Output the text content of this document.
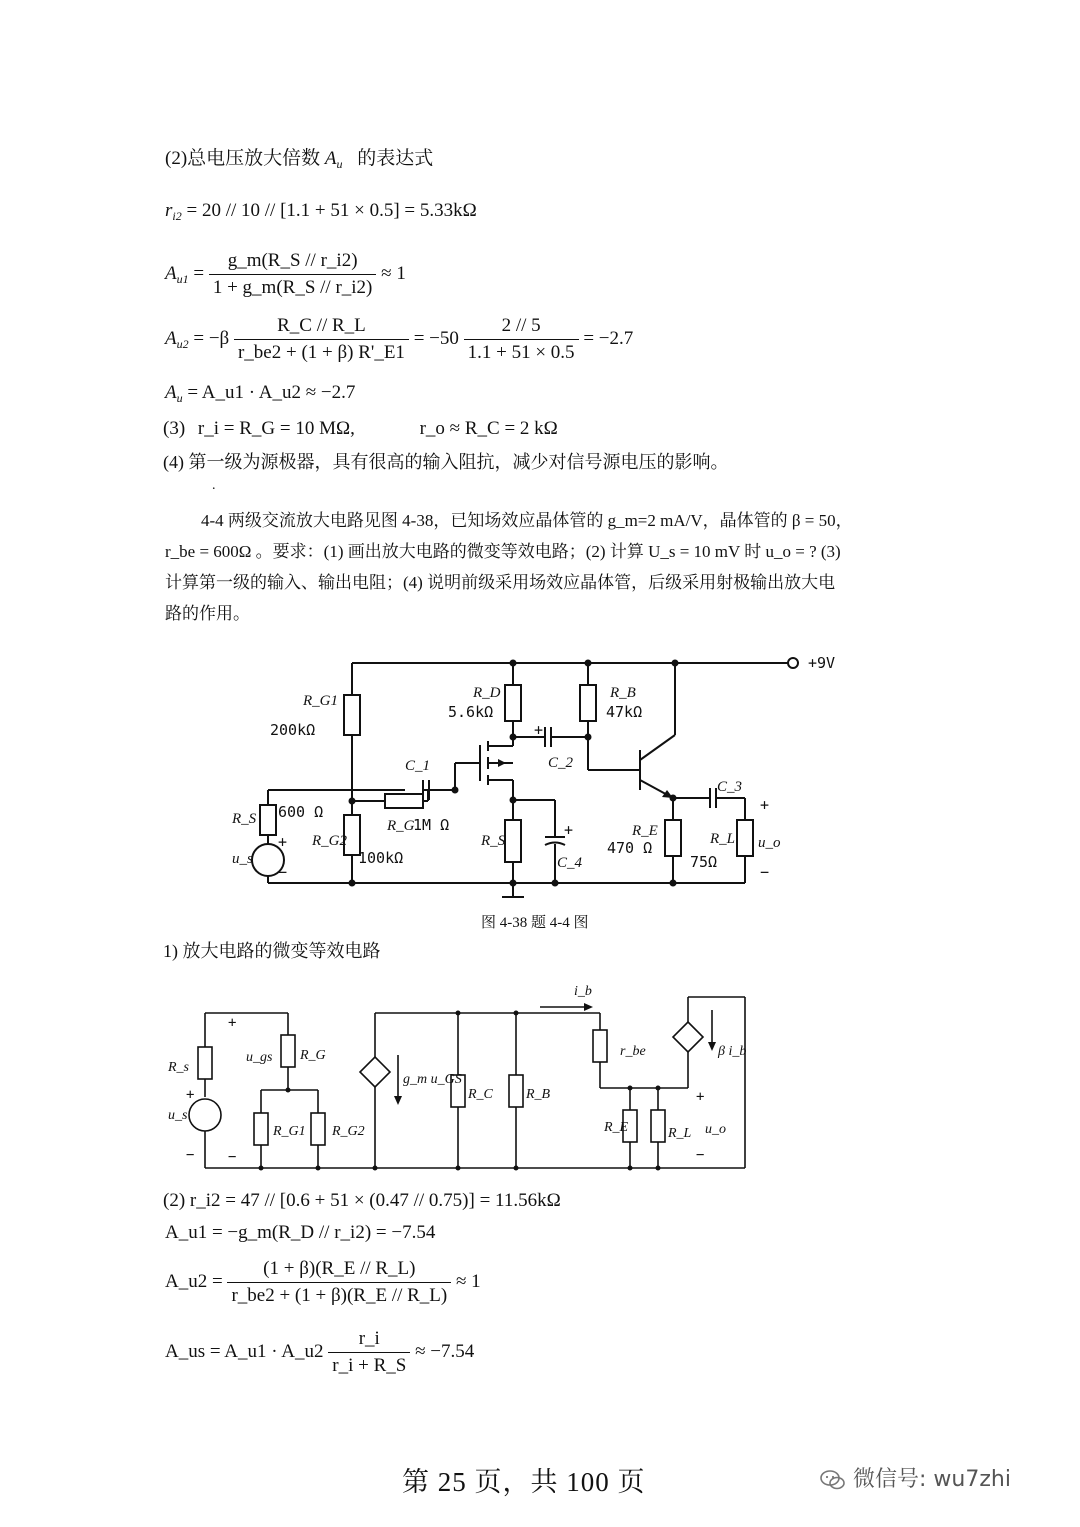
(2)总电压放大倍数 $A_u$ 的表达式
$r_{i2} = 20 // 10 // [1.1 + 51 \times 0.5] = 5.33k\Omega$
$A_{u1} = \frac{g\_m(R\_S // r\_i2)}{1 + g\_m(R\_S // r\_i2)} \approx 1$
$A_{u2} = -\beta \frac{R\_C // R\_L}{r\_be2 + (1 + \beta) R'\_E1} = -50 \frac{2 // 5}{1.1 + 51 \times 0.5} = -2.7$
$A_u$ = A_u1 · A_u2 ≈ −2.7
(3) r_i = R_G = 10 MΩ,	r_o ≈ R_C = 2 kΩ
(4) 第一级为源极器，具有很高的输入阻抗，减少对信号源电压的影响。
.
4-4 两级交流放大电路见图 4-38，已知场效应晶体管的 g_m=2 mA/V，晶体管的 β = 50，
r_be = 600Ω 。要求：(1) 画出放大电路的微变等效电路；(2) 计算 U_s = 10 mV 时 u_o = ? (3)
计算第一级的输入、输出电阻；(4) 说明前级采用场效应晶体管，后级采用射极输出放大电
路的作用。
+9V
R_G1
200kΩ
R_D
5.6kΩ
R_B
47kΩ
C_1	C_2
C_3
C_4
R_S 600 Ω
R_G
1M Ω
R_G2
100kΩ
R_S
R_E
470 Ω	R_L
75Ω
u_s
u_o
+
−
+
+
+
−
图 4-38 题 4-4 图
1) 放大电路的微变等效电路
R_s
u_s
u_gs R_G
R_G1 R_G2
g_m u_GS
R_C R_B
i_b
r_be	β i_b
R_E	R_L u_o
+
−
+
−
+
−
(2) r_i2 = 47 // [0.6 + 51 × (0.47 // 0.75)] = 11.56kΩ
A_u1 = −g_m(R_D // r_i2) = −7.54
A_u2 = $\frac{(1 + \beta)(R\_E // R\_L)}{r\_be2 + (1 + \beta)(R\_E // R\_L)} \approx 1$
A_us = A_u1 · A_u2 $\frac{r\_i}{r\_i + R\_S} \approx -7.54$
第 25 页，共 100 页	微信号: wu7zhi
